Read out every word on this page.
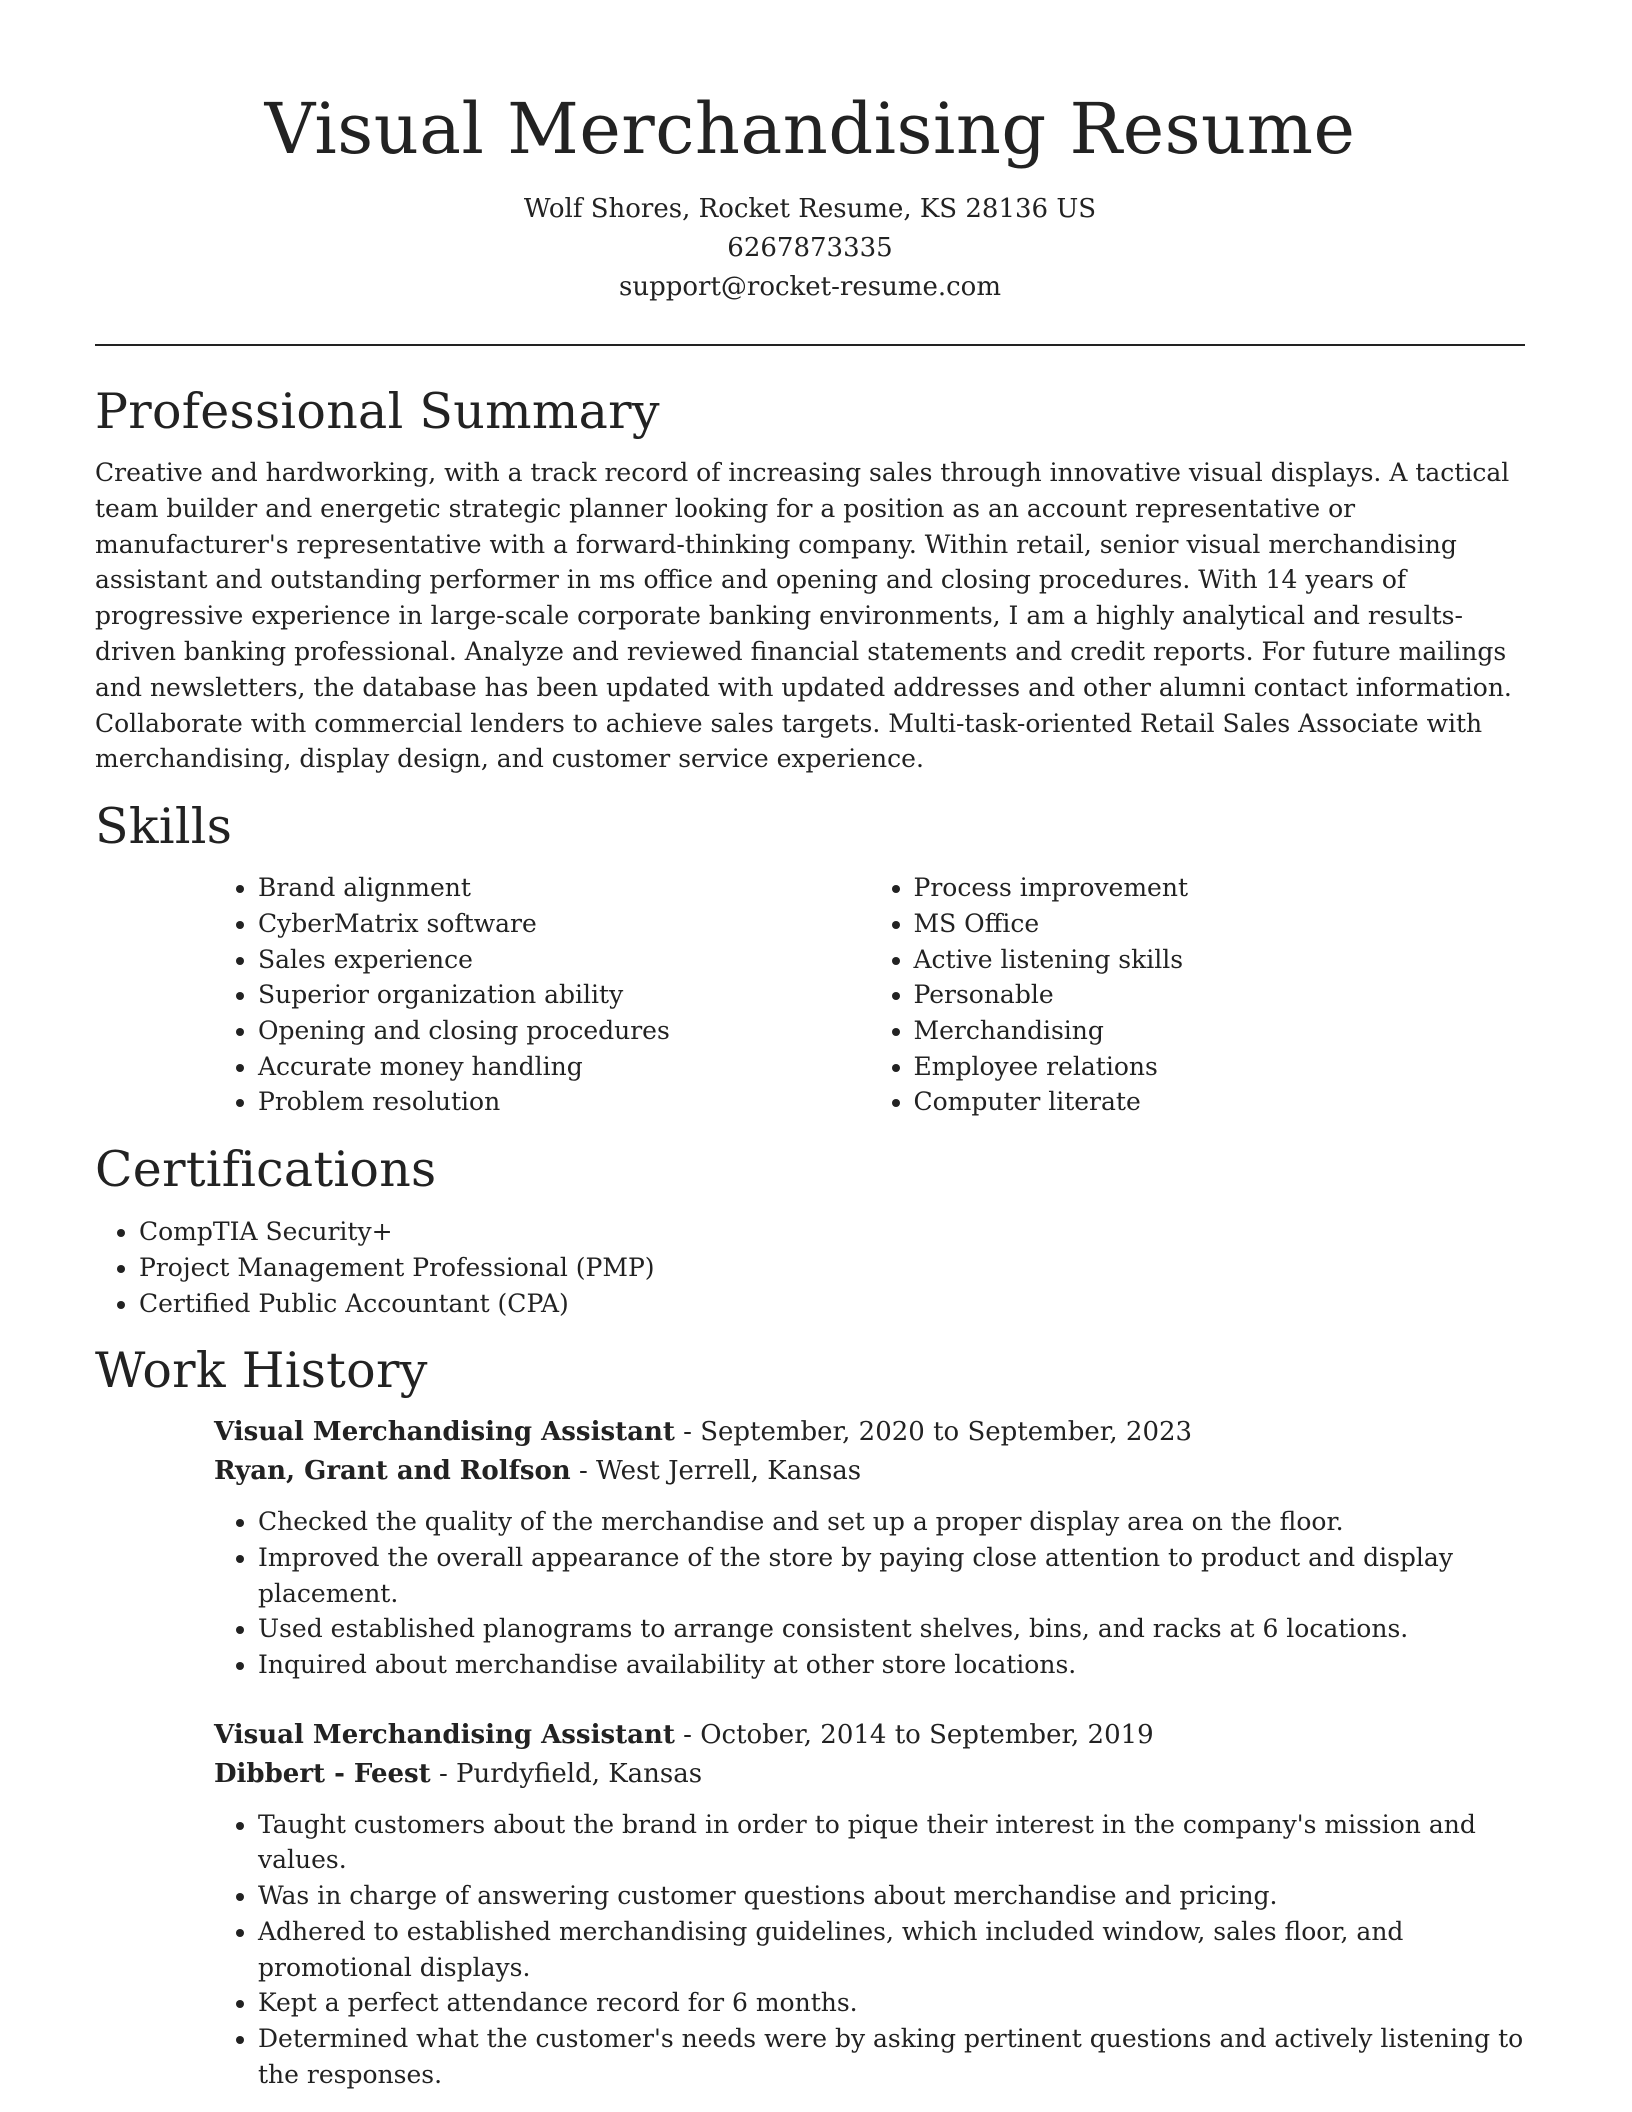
Visual Merchandising Resume
Wolf Shores, Rocket Resume, KS 28136 US
6267873335
support@rocket-resume.com
Professional Summary

Creative and hardworking, with a track record of increasing sales through innovative visual displays. A tactical team builder and energetic strategic planner looking for a position as an account representative or manufacturer's representative with a forward-thinking company. Within retail, senior visual merchandising assistant and outstanding performer in ms office and opening and closing procedures. With 14 years of progressive experience in large-scale corporate banking environments, I am a highly analytical and results-driven banking professional. Analyze and reviewed financial statements and credit reports. For future mailings and newsletters, the database has been updated with updated addresses and other alumni contact information. Collaborate with commercial lenders to achieve sales targets. Multi-task-oriented Retail Sales Associate with merchandising, display design, and customer service experience.

Skills
• Brand alignment
• CyberMatrix software
• Sales experience
• Superior organization ability
• Opening and closing procedures
• Accurate money handling
• Problem resolution
• Process improvement
• MS Office
• Active listening skills
• Personable
• Merchandising
• Employee relations
• Computer literate
Certifications
• CompTIA Security+
• Project Management Professional (PMP)
• Certified Public Accountant (CPA)
Work History
Visual Merchandising Assistant - September, 2020 to September, 2023
Ryan, Grant and Rolfson - West Jerrell, Kansas
• Checked the quality of the merchandise and set up a proper display area on the floor.
• Improved the overall appearance of the store by paying close attention to product and display placement.
• Used established planograms to arrange consistent shelves, bins, and racks at 6 locations.
• Inquired about merchandise availability at other store locations.
Visual Merchandising Assistant - October, 2014 to September, 2019
Dibbert - Feest - Purdyfield, Kansas
• Taught customers about the brand in order to pique their interest in the company's mission and values.
• Was in charge of answering customer questions about merchandise and pricing.
• Adhered to established merchandising guidelines, which included window, sales floor, and promotional displays.
• Kept a perfect attendance record for 6 months.
• Determined what the customer's needs were by asking pertinent questions and actively listening to the responses.
